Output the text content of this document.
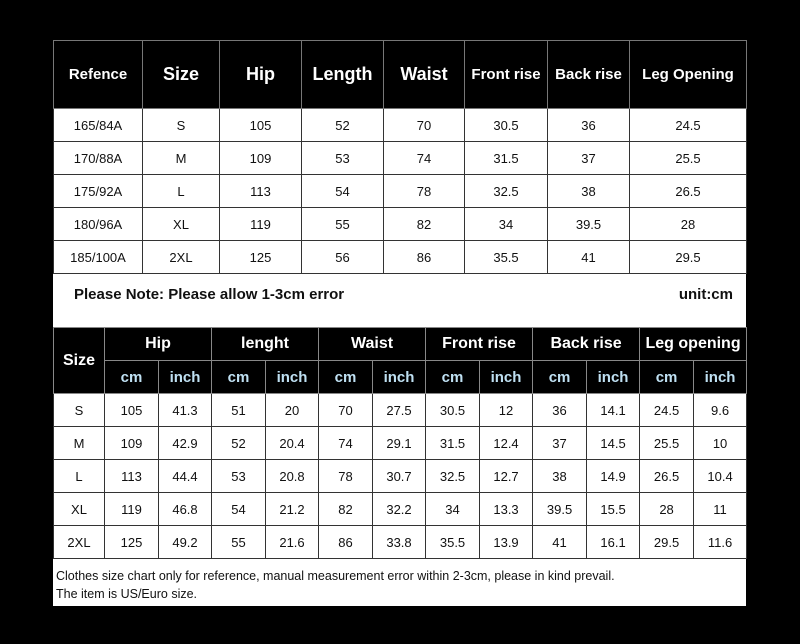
Refence	Size	Hip	Length	Waist	Front rise	Back rise	Leg Opening
165/84A	S	105	52	70	30.5	36	24.5
170/88A	M	109	53	74	31.5	37	25.5
175/92A	L	113	54	78	32.5	38	26.5
180/96A	XL	119	55	82	34	39.5	28
185/100A	2XL	125	56	86	35.5	41	29.5
Please Note: Please allow 1-3cm error	unit:cm
Size	Hip		lenght		Waist		Front rise		Back rise		Leg opening	
	cm	inch	cm	inch	cm	inch	cm	inch	cm	inch	cm	inch
S	105	41.3	51	20	70	27.5	30.5	12	36	14.1	24.5	9.6
M	109	42.9	52	20.4	74	29.1	31.5	12.4	37	14.5	25.5	10
L	113	44.4	53	20.8	78	30.7	32.5	12.7	38	14.9	26.5	10.4
XL	119	46.8	54	21.2	82	32.2	34	13.3	39.5	15.5	28	11
2XL	125	49.2	55	21.6	86	33.8	35.5	13.9	41	16.1	29.5	11.6
Clothes size chart only for reference, manual measurement error within 2-3cm, please in kind prevail.
The item is US/Euro size.
